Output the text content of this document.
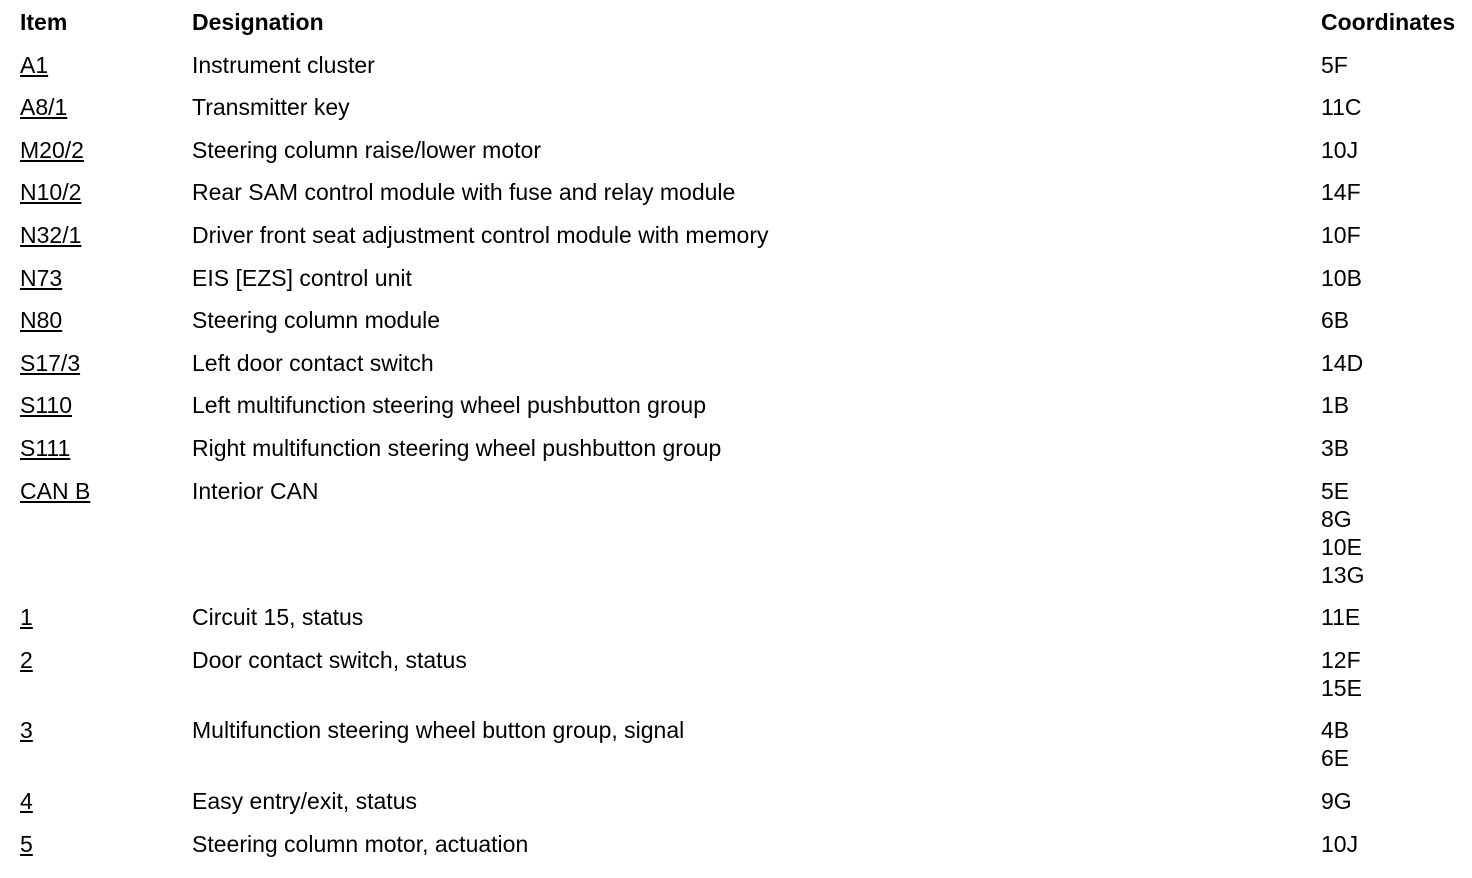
Item	Designation	Coordinates
A1	Instrument cluster	5F
A8/1	Transmitter key	11C
M20/2	Steering column raise/lower motor	10J
N10/2	Rear SAM control module with fuse and relay module	14F
N32/1	Driver front seat adjustment control module with memory	10F
N73	EIS [EZS] control unit	10B
N80	Steering column module	6B
S17/3	Left door contact switch	14D
S110	Left multifunction steering wheel pushbutton group	1B
S111	Right multifunction steering wheel pushbutton group	3B
CAN B	Interior CAN	5E
8G
10E
13G
1	Circuit 15, status	11E
2	Door contact switch, status	12F
15E
3	Multifunction steering wheel button group, signal	4B
6E
4	Easy entry/exit, status	9G
5	Steering column motor, actuation	10J
